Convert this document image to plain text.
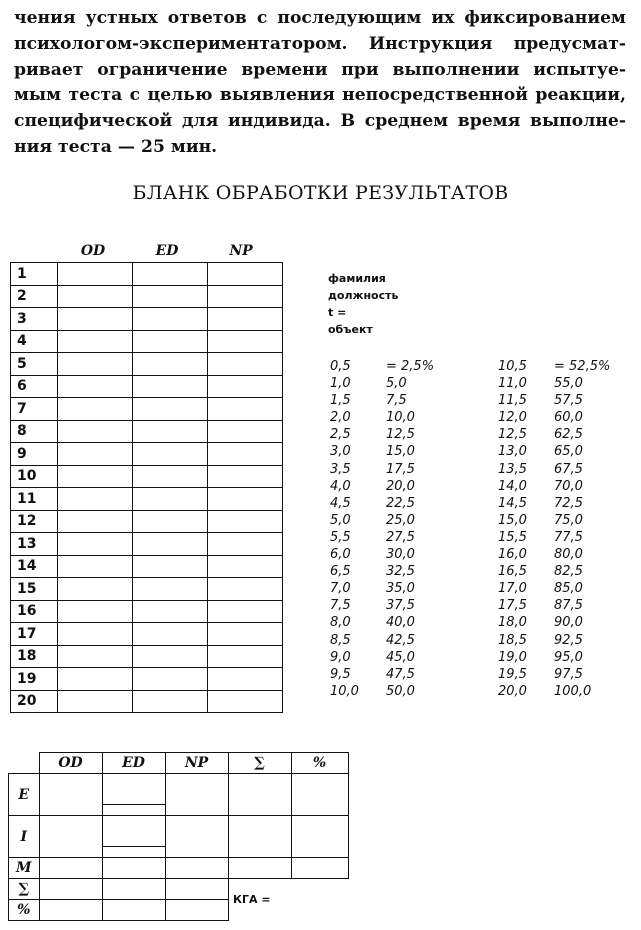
чения устных ответов с последующим их фиксированием
психологом-экспериментатором. Инструкция предусмат-
ривает ограничение времени при выполнении испытуе-
мым теста с целью выявления непосредственной реакции,
специфической для индивида. В среднем время выполне-
ния теста — 25 мин.
БЛАНК ОБРАБОТКИ РЕЗУЛЬТАТОВ
OD	ED	NP
1			
2			
3			
4			
5			
6			
7			
8			
9			
10			
11			
12			
13			
14			
15			
16			
17			
18			
19			
20			
фамилия
должность
t =
объект
0,5	= 2,5%
1,0	5,0
1,5	7,5
2,0	10,0
2,5	12,5
3,0	15,0
3,5	17,5
4,0	20,0
4,5	22,5
5,0	25,0
5,5	27,5
6,0	30,0
6,5	32,5
7,0	35,0
7,5	37,5
8,0	40,0
8,5	42,5
9,0	45,0
9,5	47,5
10,0 50,0
10,5 = 52,5%
11,0 55,0
11,5 57,5
12,0 60,0
12,5 62,5
13,0 65,0
13,5 67,5
14,0 70,0
14,5 72,5
15,0 75,0
15,5 77,5
16,0 80,0
16,5 82,5
17,0 85,0
17,5 87,5
18,0 90,0
18,5 92,5
19,0 95,0
19,5 97,5
20,0 100,0
	OD	ED	NP	∑	%
E		

I		

M					
∑					
%					
КГА =
